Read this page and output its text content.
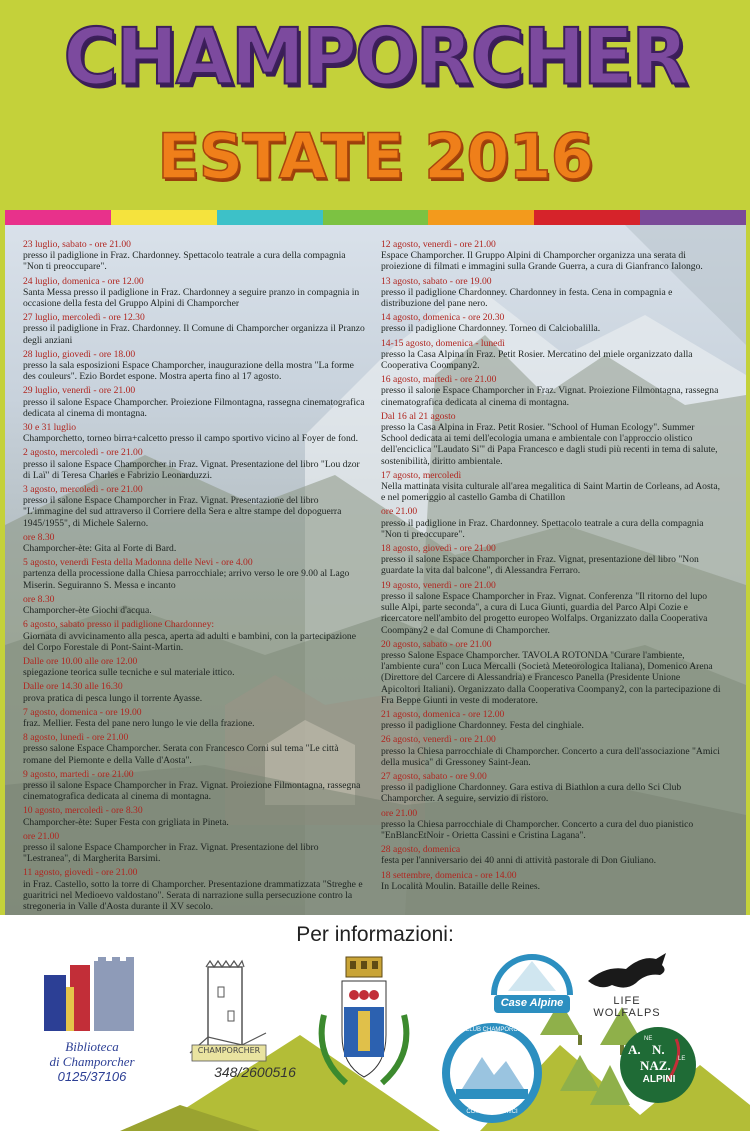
CHAMPORCHER
ESTATE 2016
23 luglio, sabato - ore 21.00
presso il padiglione in Fraz. Chardonney. Spettacolo teatrale a cura della compagnia "Non ti preoccupare".
24 luglio, domenica - ore 12.00
Santa Messa presso il padiglione in Fraz. Chardonney a seguire pranzo in compagnia in occasione della festa del Gruppo Alpini di Champorcher
27 luglio, mercoledì - ore 12.30
presso il padiglione in Fraz. Chardonney. Il Comune di Champorcher organizza il Pranzo degli anziani
28 luglio, giovedì - ore 18.00
presso la sala esposizioni Espace Champorcher, inaugurazione della mostra "La forme des couleurs". Ezio Bordet espone. Mostra aperta fino al 17 agosto.
29 luglio, venerdì - ore 21.00
presso il salone Espace Champorcher. Proiezione Filmontagna, rassegna cinematografica dedicata al cinema di montagna.
30 e 31 luglio
Champorchetto, torneo birra+calcetto presso il campo sportivo vicino al Foyer de fond.
2 agosto, mercoledì - ore 21.00
presso il salone Espace Champorcher in Fraz. Vignat. Presentazione del libro "Lou dzor di Laï" di Teresa Charles e Fabrizio Leonarduzzi.
3 agosto, mercoledì - ore 21.00
presso il salone Espace Champorcher in Fraz. Vignat. Presentazione del libro "L'immagine del sud attraverso il Corriere della Sera e altre stampe del dopoguerra 1945/1955", di Michele Salerno.
ore 8.30
Champorcher-ète: Gita al Forte di Bard.
5 agosto, venerdì Festa della Madonna delle Nevi - ore 4.00
partenza della processione dalla Chiesa parrocchiale; arrivo verso le ore 9.00 al Lago Miserin. Seguiranno S. Messa e incanto
ore 8.30
Champorcher-ète Giochi d'acqua.
6 agosto, sabato presso il padiglione Chardonney:
Giornata di avvicinamento alla pesca, aperta ad adulti e bambini, con la partecipazione del Corpo Forestale di Pont-Saint-Martin.
Dalle ore 10.00 alle ore 12.00
spiegazione teorica sulle tecniche e sul materiale ittico.
Dalle ore 14.30 alle 16.30
prova pratica di pesca lungo il torrente Ayasse.
7 agosto, domenica - ore 19.00
fraz. Mellier. Festa del pane nero lungo le vie della frazione.
8 agosto, lunedì - ore 21.00
presso salone Espace Champorcher. Serata con Francesco Corni sul tema "Le città romane del Piemonte e della Valle d'Aosta".
9 agosto, martedì - ore 21.00
presso il salone Espace Champorcher in Fraz. Vignat. Proiezione Filmontagna, rassegna cinematografica dedicata al cinema di montagna.
10 agosto, mercoledì - ore 8.30
Champorcher-ète: Super Festa con grigliata in Pineta.
ore 21.00
presso il salone Espace Champorcher in Fraz. Vignat. Presentazione del libro "Lestranea", di Margherita Barsimi.
11 agosto, giovedì - ore 21.00
in Fraz. Castello, sotto la torre di Champorcher. Presentazione drammatizzata "Streghe e guaritrici nel Medioevo valdostano". Serata di narrazione sulla persecuzione contro la stregoneria in Valle d'Aosta durante il XV secolo.
12 agosto, venerdì - ore 21.00
Espace Champorcher. Il Gruppo Alpini di Champorcher organizza una serata di proiezione di filmati e immagini sulla Grande Guerra, a cura di Gianfranco Ialongo.
13 agosto, sabato - ore 19.00
presso il padiglione Chardonney. Chardonney in festa. Cena in compagnia e distribuzione del pane nero.
14 agosto, domenica - ore 20.30
presso il padiglione Chardonney. Torneo di Calciobalilla.
14-15 agosto, domenica - lunedì
presso la Casa Alpina in Fraz. Petit Rosier. Mercatino del miele organizzato dalla Cooperativa Coompany2.
16 agosto, martedì - ore 21.00
presso il salone Espace Champorcher in Fraz. Vignat. Proiezione Filmontagna, rassegna cinematografica dedicata al cinema di montagna.
Dal 16 al 21 agosto
presso la Casa Alpina in Fraz. Petit Rosier. "School of Human Ecology". Summer School dedicata ai temi dell'ecologia umana e ambientale con l'approccio olistico dell'enciclica "Laudato Si'" di Papa Francesco e dagli studi più recenti in tema di salute, sostenibilità, diritto ambientale.
17 agosto, mercoledì
Nella mattinata visita culturale all'area megalitica di Saint Martin de Corleans, ad Aosta, e nel pomeriggio al castello Gamba di Chatillon
ore 21.00
presso il padiglione in Fraz. Chardonney. Spettacolo teatrale a cura della compagnia "Non ti preoccupare".
18 agosto, giovedì - ore 21.00
presso il salone Espace Champorcher in Fraz. Vignat, presentazione del libro "Non guardate la vita dal balcone", di Alessandra Ferraro.
19 agosto, venerdì - ore 21.00
presso il salone Espace Champorcher in Fraz. Vignat. Conferenza "Il ritorno del lupo sulle Alpi, parte seconda", a cura di Luca Giunti, guardia del Parco Alpi Cozie e ricercatore nell'ambito del progetto europeo Wolfalps. Organizzato dalla Cooperativa Coompany2 e dal Comune di Champorcher.
20 agosto, sabato - ore 21.00
presso Salone Espace Champorcher. TAVOLA ROTONDA "Curare l'ambiente, l'ambiente cura" con Luca Mercalli (Società Meteorologica Italiana), Domenico Arena (Direttore del Carcere di Alessandria) e Francesco Panella (Presidente Unione Apicoltori Italiani). Organizzato dalla Cooperativa Coompany2, con la partecipazione di Fra Beppe Giunti in veste di moderatore.
21 agosto, domenica - ore 12.00
presso il padiglione Chardonney. Festa del cinghiale.
26 agosto, venerdì - ore 21.00
presso la Chiesa parrocchiale di Champorcher. Concerto a cura dell'associazione "Amici della musica" di Gressoney Saint-Jean.
27 agosto, sabato - ore 9.00
presso il padiglione Chardonney. Gara estiva di Biathlon a cura dello Sci Club Champorcher. A seguire, servizio di ristoro.
ore 21.00
presso la Chiesa parrocchiale di Champorcher. Concerto a cura del duo pianistico "EnBlancEtNoir - Orietta Cassini e Cristina Lagana".
28 agosto, domenica
festa per l'anniversario dei 40 anni di attività pastorale di Don Giuliano.
18 settembre, domenica - ore 14.00
In Località Moulin. Bataille delle Reines.
Per informazioni:
Biblioteca
di Champorcher
0125/37106
CHAMPORCHER
348/2600516
Case Alpine	LIFE WOLFALPS
SKI CLUB CHAMPORCHER
COMI BASE AMICI
A.
NE
N.
NAZ.	LE
ALPINI
